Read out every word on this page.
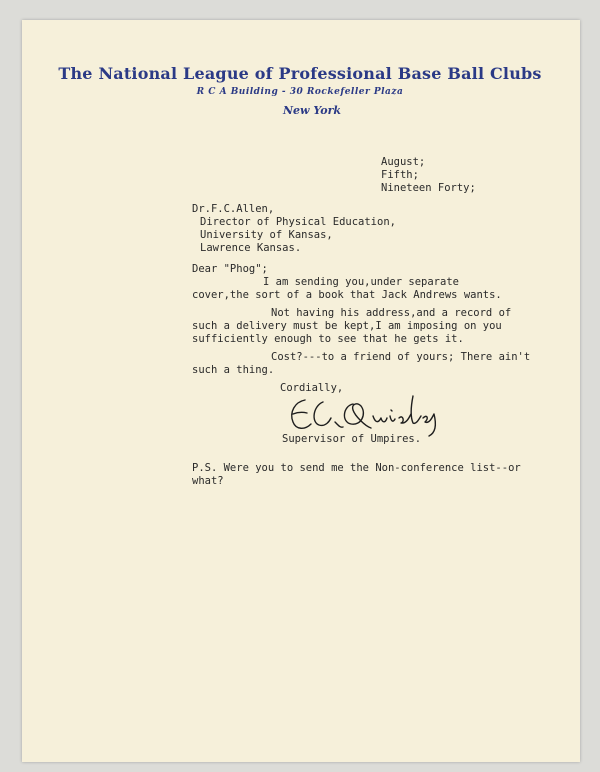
The National League of Professional Base Ball Clubs
R C A Building - 30 Rockefeller Plaza
New York
August;
Fifth;
Nineteen Forty;
Dr.F.C.Allen,
Director of Physical Education,
University of Kansas,
Lawrence Kansas.
Dear "Phog";
I am sending you,under separate
cover,the sort of a book that Jack Andrews wants.
Not having his address,and a record of
such a delivery must be kept,I am imposing on you
sufficiently enough to see that he gets it.
Cost?---to a friend of yours; There ain't
such a thing.
Cordially,
Supervisor of Umpires.
P.S. Were you to send me the Non-conference list--or
what?
